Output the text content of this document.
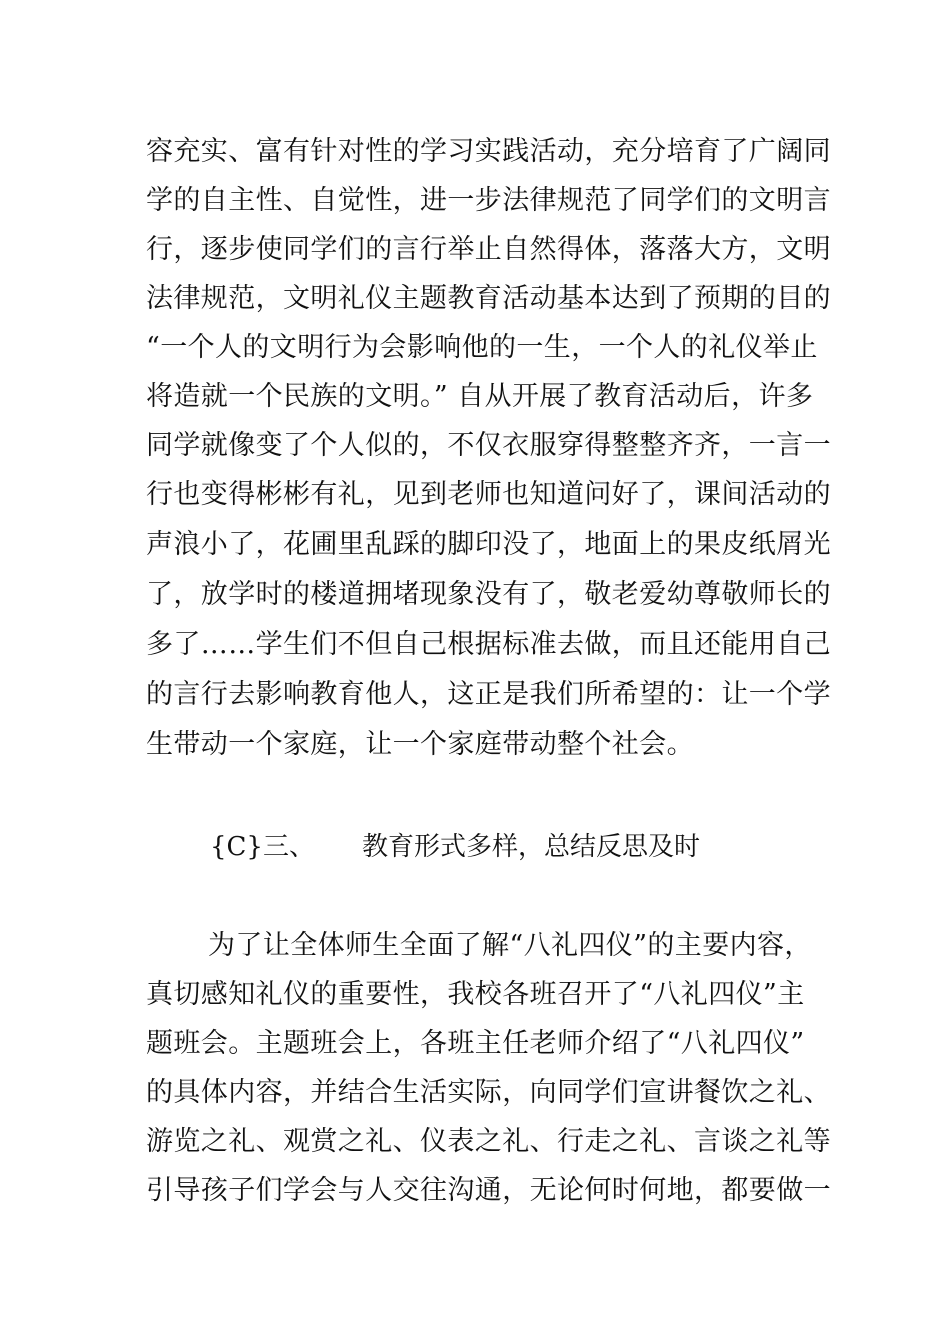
容充实、富有针对性的学习实践活动，充分培育了广阔同
学的自主性、自觉性，进一步法律规范了同学们的文明言
行，逐步使同学们的言行举止自然得体，落落大方，文明
法律规范，文明礼仪主题教育活动基本达到了预期的目的
“一个人的文明行为会影响他的一生，一个人的礼仪举止
将造就一个民族的文明。” 自从开展了教育活动后，许多
同学就像变了个人似的，不仅衣服穿得整整齐齐，一言一
行也变得彬彬有礼，见到老师也知道问好了，课间活动的
声浪小了，花圃里乱踩的脚印没了，地面上的果皮纸屑光
了，放学时的楼道拥堵现象没有了，敬老爱幼尊敬师长的
多了……学生们不但自己根据标准去做，而且还能用自己
的言行去影响教育他人，这正是我们所希望的：让一个学
生带动一个家庭，让一个家庭带动整个社会。
{C}三、 教育形式多样，总结反思及时
为了让全体师生全面了解“八礼四仪”的主要内容，
真切感知礼仪的重要性，我校各班召开了“八礼四仪”主
题班会。主题班会上，各班主任老师介绍了“八礼四仪”
的具体内容，并结合生活实际，向同学们宣讲餐饮之礼、
游览之礼、观赏之礼、仪表之礼、行走之礼、言谈之礼等
引导孩子们学会与人交往沟通，无论何时何地，都要做一
